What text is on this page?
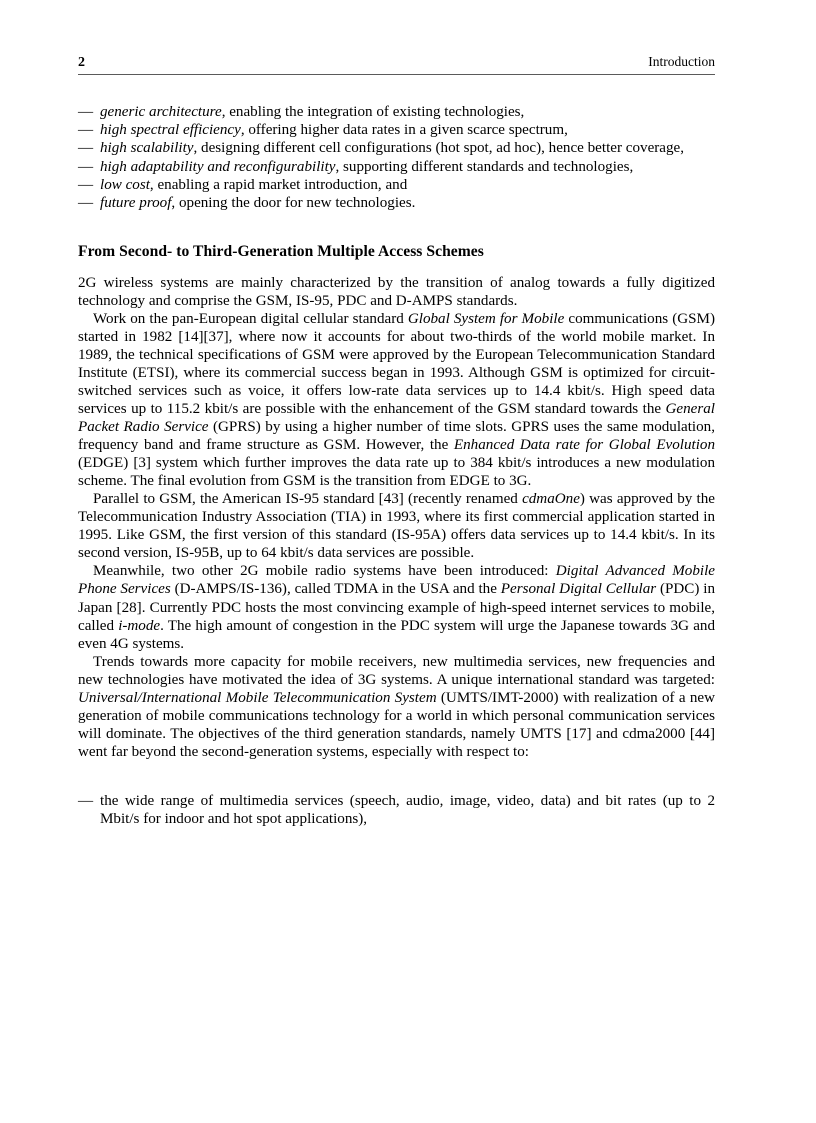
2	Introduction
— generic architecture, enabling the integration of existing technologies,
— high spectral efficiency, offering higher data rates in a given scarce spectrum,
— high scalability, designing different cell configurations (hot spot, ad hoc), hence better coverage,
— high adaptability and reconfigurability, supporting different standards and technologies,
— low cost, enabling a rapid market introduction, and
— future proof, opening the door for new technologies.
From Second- to Third-Generation Multiple Access Schemes

2G wireless systems are mainly characterized by the transition of analog towards a fully digitized technology and comprise the GSM, IS-95, PDC and D-AMPS standards.

Work on the pan-European digital cellular standard Global System for Mobile communications (GSM) started in 1982 [14][37], where now it accounts for about two-thirds of the world mobile market. In 1989, the technical specifications of GSM were approved by the European Telecommunication Standard Institute (ETSI), where its commercial success began in 1993. Although GSM is optimized for circuit-switched services such as voice, it offers low-rate data services up to 14.4 kbit/s. High speed data services up to 115.2 kbit/s are possible with the enhancement of the GSM standard towards the General Packet Radio Service (GPRS) by using a higher number of time slots. GPRS uses the same modulation, frequency band and frame structure as GSM. However, the Enhanced Data rate for Global Evolution (EDGE) [3] system which further improves the data rate up to 384 kbit/s introduces a new modulation scheme. The final evolution from GSM is the transition from EDGE to 3G.

Parallel to GSM, the American IS-95 standard [43] (recently renamed cdmaOne) was approved by the Telecommunication Industry Association (TIA) in 1993, where its first commercial application started in 1995. Like GSM, the first version of this standard (IS-95A) offers data services up to 14.4 kbit/s. In its second version, IS-95B, up to 64 kbit/s data services are possible.

Meanwhile, two other 2G mobile radio systems have been introduced: Digital Advanced Mobile Phone Services (D-AMPS/IS-136), called TDMA in the USA and the Personal Digital Cellular (PDC) in Japan [28]. Currently PDC hosts the most convincing example of high-speed internet services to mobile, called i-mode. The high amount of congestion in the PDC system will urge the Japanese towards 3G and even 4G systems.

Trends towards more capacity for mobile receivers, new multimedia services, new frequencies and new technologies have motivated the idea of 3G systems. A unique international standard was targeted: Universal/International Mobile Telecommunication System (UMTS/IMT-2000) with realization of a new generation of mobile communications technology for a world in which personal communication services will dominate. The objectives of the third generation standards, namely UMTS [17] and cdma2000 [44] went far beyond the second-generation systems, especially with respect to:

— the wide range of multimedia services (speech, audio, image, video, data) and bit rates (up to 2 Mbit/s for indoor and hot spot applications),
